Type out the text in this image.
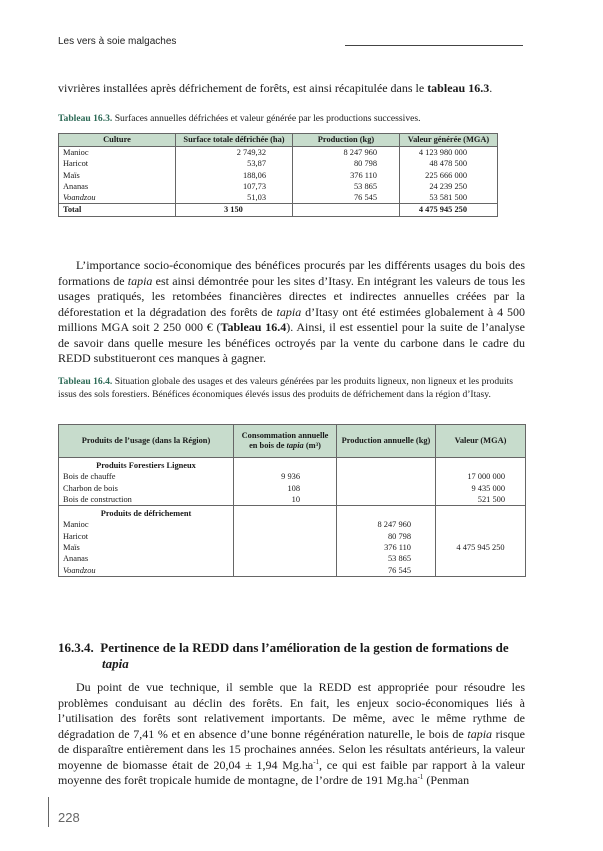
Les vers à soie malgaches
vivrières installées après défrichement de forêts, est ainsi récapitulée dans le tableau 16.3.
Tableau 16.3. Surfaces annuelles défrichées et valeur générée par les productions successives.
Culture	Surface totale défrichée (ha)	Production (kg)	Valeur générée (MGA)
Manioc	2 749,32	8 247 960	4 123 980 000
Haricot	53,87	80 798	48 478 500
Maïs	188,06	376 110	225 666 000
Ananas	107,73	53 865	24 239 250
Voandzou	51,03	76 545	53 581 500
Total	3 150		4 475 945 250
L’importance socio-économique des bénéfices procurés par les différents usages du bois des formations de tapia est ainsi démontrée pour les sites d’Itasy. En intégrant les valeurs de tous les usages pratiqués, les retombées financières directes et indirectes annuelles créées par la déforestation et la dégradation des forêts de tapia d’Itasy ont été estimées globalement à 4 500 millions MGA soit 2 250 000 € (Tableau 16.4). Ainsi, il est essentiel pour la suite de l’analyse de savoir dans quelle mesure les bénéfices octroyés par la vente du carbone dans le cadre du REDD substitueront ces manques à gagner.
Tableau 16.4. Situation globale des usages et des valeurs générées par les produits ligneux, non ligneux et les produits issus des sols forestiers. Bénéfices économiques élevés issus des produits de défrichement dans la région d’Itasy.
Produits de l’usage (dans la Région)	Consommation annuelle en bois de tapia (m³)	Production annuelle (kg)	Valeur (MGA)
Produits Forestiers Ligneux			
Bois de chauffe	9 936		17 000 000
Charbon de bois	108		9 435 000
Bois de construction	10		521 500
Produits de défrichement			
Manioc		8 247 960	4 475 945 250
Haricot		80 798	
Maïs		376 110	
Ananas		53 865	
Voandzou		76 545	
16.3.4. Pertinence de la REDD dans l’amélioration de la gestion de formations de
tapia
Du point de vue technique, il semble que la REDD est appropriée pour résoudre les problèmes conduisant au déclin des forêts. En fait, les enjeux socio-économiques liés à l’utilisation des forêts sont relativement importants. De même, avec le même rythme de dégradation de 7,41 % et en absence d’une bonne régénération naturelle, le bois de tapia risque de disparaître entièrement dans les 15 prochaines années. Selon les résultats antérieurs, la valeur moyenne de biomasse était de 20,04 ± 1,94 $Mg.ha^{-1}$, ce qui est faible par rapport à la valeur moyenne des forêt tropicale humide de montagne, de l’ordre de 191 $Mg.ha^{-1}$ (Penman
228
